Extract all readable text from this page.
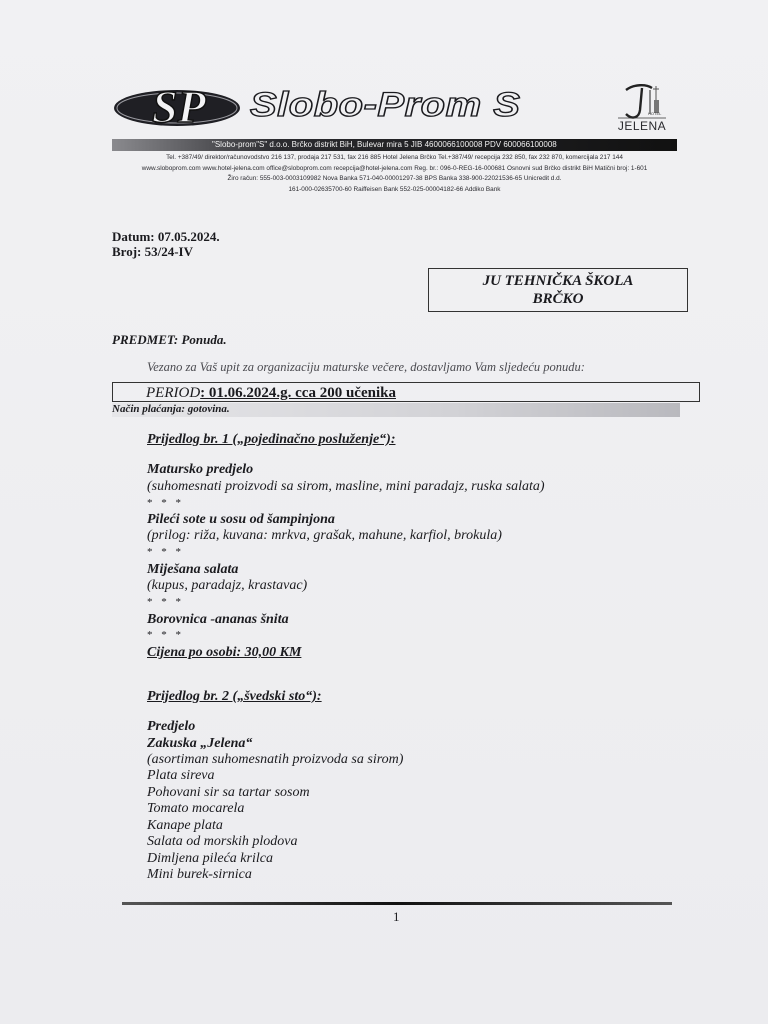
SP Slobo-Prom S	HOTEL
JELENA
"Slobo-prom"S" d.o.o. Brčko distrikt BiH, Bulevar mira 5 JIB 4600066100008 PDV 600066100008
Tel. +387/49/ direktor/računovodstvo 216 137, prodaja 217 531, fax 216 885 Hotel Jelena Brčko Tel.+387/49/ recepcija 232 850, fax 232 870, komercijala 217 144
www.sloboprom.com www.hotel-jelena.com office@sloboprom.com recepcija@hotel-jelena.com Reg. br.: 096-0-REG-16-000681 Osnovni sud Brčko distrikt BiH Matični broj: 1-601
Žiro račun: 555-003-0003109982 Nova Banka 571-040-00001297-38 BPS Banka 338-900-22021536-65 Unicredit d.d.
161-000-02635700-60 Raiffeisen Bank 552-025-00004182-66 Addiko Bank
Datum: 07.05.2024.
Broj: 53/24-IV
JU TEHNIČKA ŠKOLA
BRČKO
PREDMET: Ponuda.
Vezano za Vaš upit za organizaciju maturske večere, dostavljamo Vam sljedeću ponudu:
PERIOD: 01.06.2024.g. cca 200 učenika
Način plaćanja: gotovina.
Prijedlog br. 1 („pojedinačno posluženje“):
Matursko predjelo
(suhomesnati proizvodi sa sirom, masline, mini paradajz, ruska salata)
* * *
Pileći sote u sosu od šampinjona
(prilog: riža, kuvana: mrkva, grašak, mahune, karfiol, brokula)
* * *
Miješana salata
(kupus, paradajz, krastavac)
* * *
Borovnica -ananas šnita
* * *
Cijena po osobi: 30,00 KM
Prijedlog br. 2 („švedski sto“):
Predjelo
Zakuska „Jelena“
(asortiman suhomesnatih proizvoda sa sirom)
Plata sireva
Pohovani sir sa tartar sosom
Tomato mocarela
Kanape plata
Salata od morskih plodova
Dimljena pileća krilca
Mini burek-sirnica
1
